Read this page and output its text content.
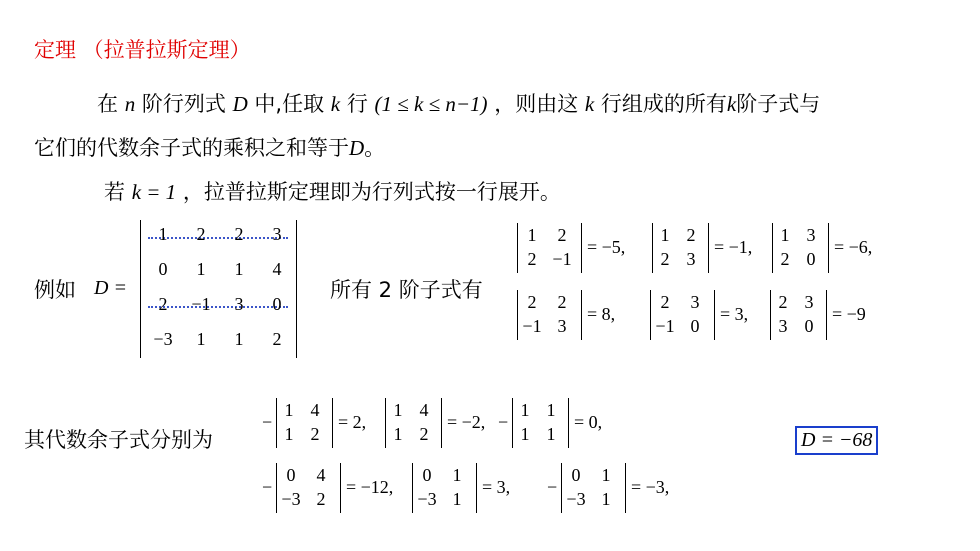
定理 （拉普拉斯定理）
在 n 阶行列式 D 中,任取 k 行 (1 ≤ k ≤ n−1) ，则由这 k 行组成的所有k阶子式与
它们的代数余子式的乘积之和等于D。
若 k = 1 ，拉普拉斯定理即为行列式按一行展开。
例如 D =
1	2	2	3
0	1	1	4
2	−1	3	0
−3	1	1	2
所有 2 阶子式有
1	2
2 −1
= −5,
1 2
2 3
= −1,
1 3
2 0
= −6,
2	2
−1 3
= 8,
2	3
−1 0
= 3,
2 3
3 0
= −9
其代数余子式分别为
−
1 4
1 2
= 2,
1 4
1 2
= −2, −
1 1
1 1
= 0,
−
0	4
−3 2
= −12,
0	1
−3 1
= 3, −
0	1
−3 1
= −3,
D = −68
